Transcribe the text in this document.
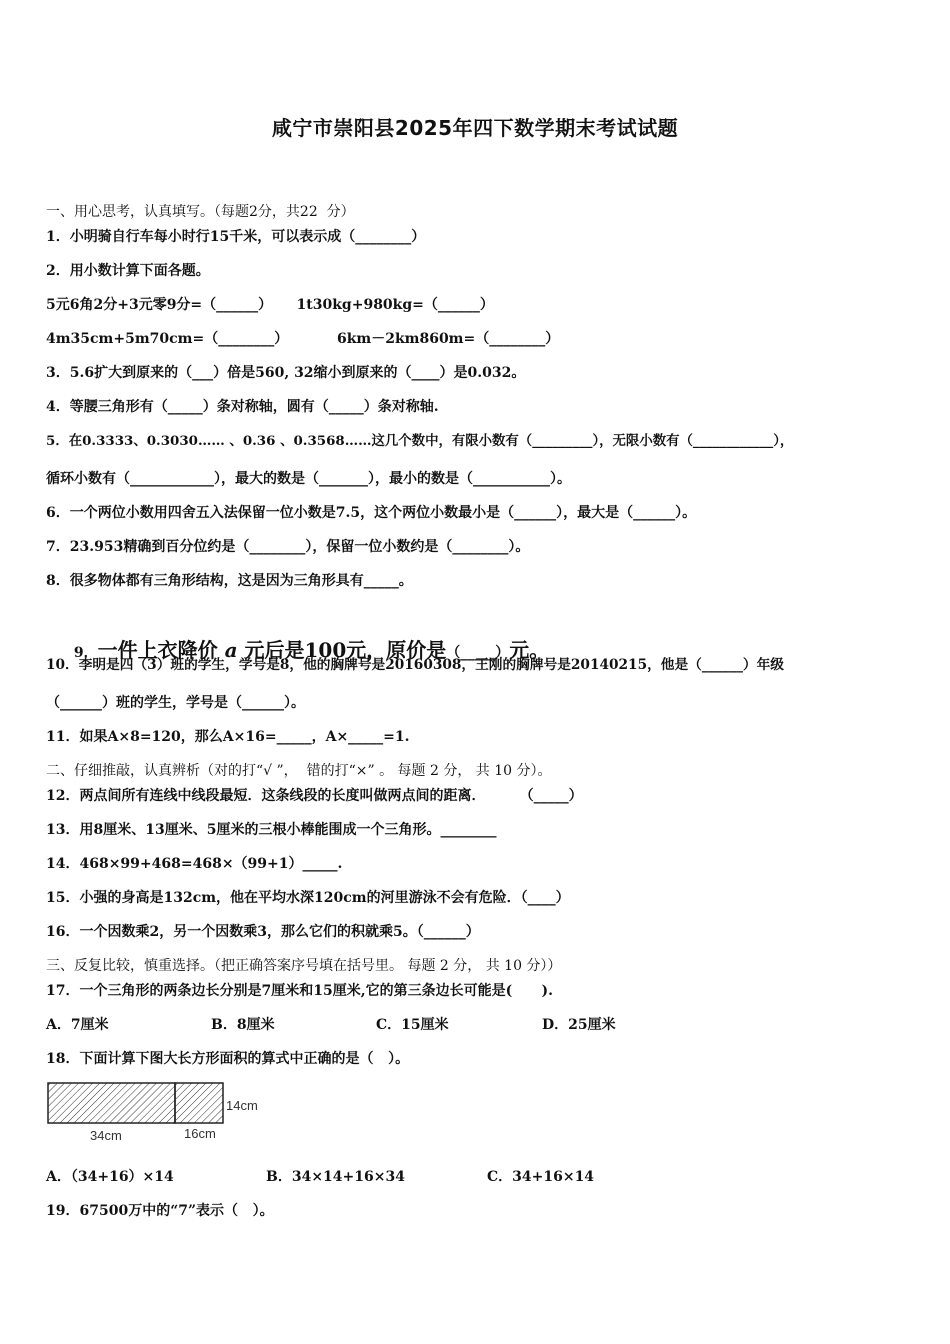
咸宁市崇阳县2025年四下数学期末考试试题
一、用心思考，认真填写。（每题2分，共22  分）
1．小明骑自行车每小时行15千米，可以表示成（________）
2．用小数计算下面各题。
5元6角2分+3元零9分=（______）     1t30kg+980kg=（______）
4m35cm+5m70cm=（________）          6km－2km860m=（________）
3．5.6扩大到原来的（___）倍是560, 32缩小到原来的（____）是0.032。
4．等腰三角形有（_____）条对称轴，圆有（_____）条对称轴.
5．在0.3333、0.3030…… 、0.36 、0.3568……这几个数中，有限小数有（_________），无限小数有（____________），
循环小数有（____________），最大的数是（_______），最小的数是（___________）。
6．一个两位小数用四舍五入法保留一位小数是7.5，这个两位小数最小是（______），最大是（______）。
7．23.953精确到百分位约是（________），保留一位小数约是（________）。
8．很多物体都有三角形结构，这是因为三角形具有_____。

9．一件上衣降价 a 元后是100元，原价是（_____）元。

10．李明是四（3）班的学生，学号是8，他的胸牌号是20160308，王刚的胸牌号是20140215，他是（______）年级
（______）班的学生，学号是（______）。
11．如果A×8=120，那么A×16=_____，A×_____=1.
二、仔细推敲，认真辨析（对的打“√ ”，  错的打“×” 。 每题 2 分， 共 10 分）。
12．两点间所有连线中线段最短．这条线段的长度叫做两点间的距离．       （_____）
13．用8厘米、13厘米、5厘米的三根小棒能围成一个三角形。________
14．468×99+468=468×（99+1）_____.
15．小强的身高是132cm，他在平均水深120cm的河里游泳不会有危险．（____）
16．一个因数乘2，另一个因数乘3，那么它们的积就乘5。（______）
三、反复比较，慎重选择。（把正确答案序号填在括号里。 每题 2 分， 共 10 分））
17．一个三角形的两条边长分别是7厘米和15厘米,它的第三条边长可能是(      ).
A．7厘米	B．8厘米	C．15厘米	D．25厘米
18．下面计算下图大长方形面积的算式中正确的是（   ）。
34cm	16cm
14cm
A．（34+16）×14	B．34×14+16×34	C．34+16×14
19．67500万中的“7”表示（   ）。
